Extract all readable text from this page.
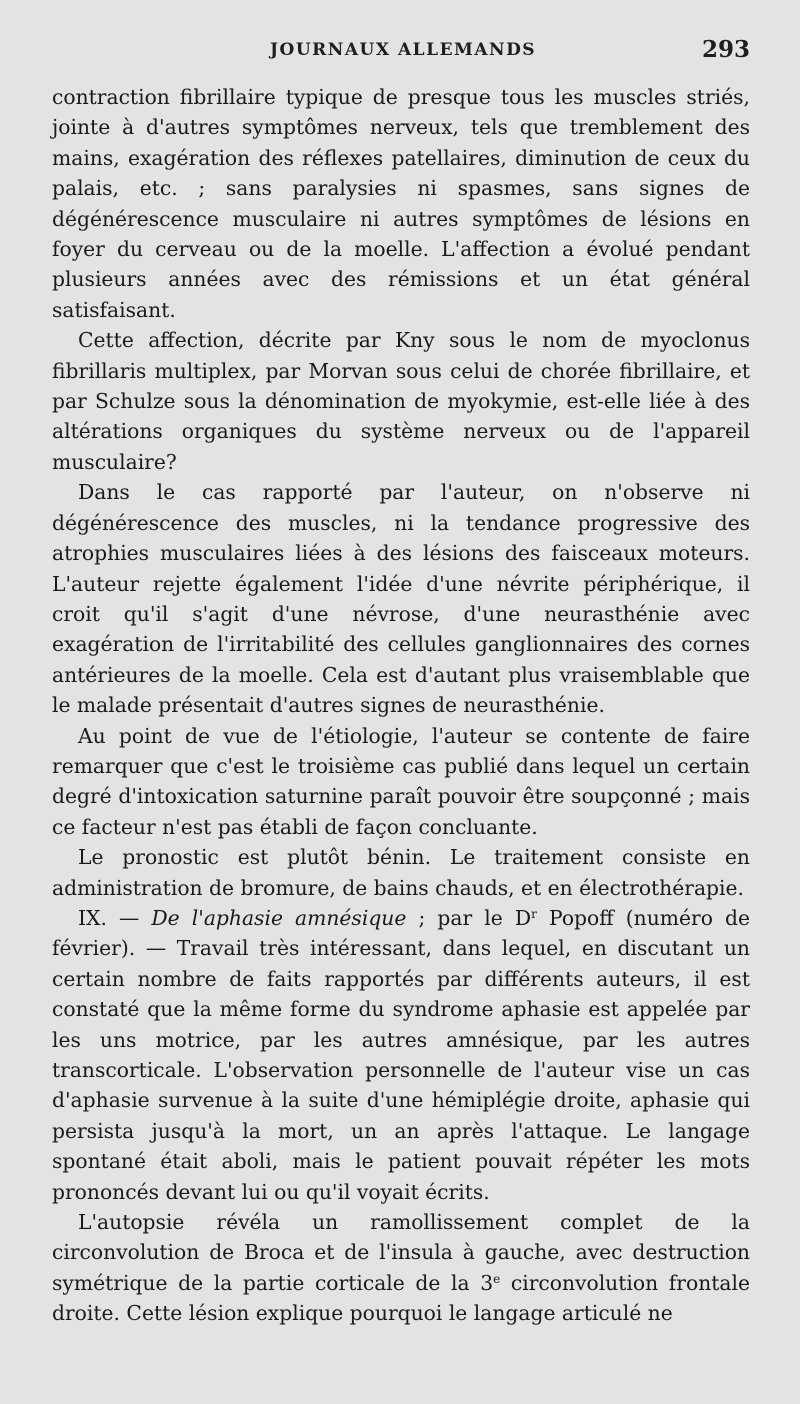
JOURNAUX ALLEMANDS	293

contraction fibrillaire typique de presque tous les muscles striés, jointe à d'autres symptômes nerveux, tels que tremblement des mains, exagération des réflexes patellaires, diminution de ceux du palais, etc. ; sans paralysies ni spasmes, sans signes de dégénérescence musculaire ni autres symptômes de lésions en foyer du cerveau ou de la moelle. L'affection a évolué pendant plusieurs années avec des rémissions et un état général satisfaisant.

Cette affection, décrite par Kny sous le nom de myoclonus fibrillaris multiplex, par Morvan sous celui de chorée fibrillaire, et par Schulze sous la dénomination de myokymie, est-elle liée à des altérations organiques du système nerveux ou de l'appareil musculaire?

Dans le cas rapporté par l'auteur, on n'observe ni dégénérescence des muscles, ni la tendance progressive des atrophies musculaires liées à des lésions des faisceaux moteurs. L'auteur rejette également l'idée d'une névrite périphérique, il croit qu'il s'agit d'une névrose, d'une neurasthénie avec exagération de l'irritabilité des cellules ganglionnaires des cornes antérieures de la moelle. Cela est d'autant plus vraisemblable que le malade présentait d'autres signes de neurasthénie.

Au point de vue de l'étiologie, l'auteur se contente de faire remarquer que c'est le troisième cas publié dans lequel un certain degré d'intoxication saturnine paraît pouvoir être soupçonné ; mais ce facteur n'est pas établi de façon concluante.

Le pronostic est plutôt bénin. Le traitement consiste en administration de bromure, de bains chauds, et en électrothérapie.

IX. — De l'aphasie amnésique ; par le $D^r$ Popoff (numéro de février). — Travail très intéressant, dans lequel, en discutant un certain nombre de faits rapportés par différents auteurs, il est constaté que la même forme du syndrome aphasie est appelée par les uns motrice, par les autres amnésique, par les autres transcorticale. L'observation personnelle de l'auteur vise un cas d'aphasie survenue à la suite d'une hémiplégie droite, aphasie qui persista jusqu'à la mort, un an après l'attaque. Le langage spontané était aboli, mais le patient pouvait répéter les mots prononcés devant lui ou qu'il voyait écrits.

L'autopsie révéla un ramollissement complet de la circonvolution de Broca et de l'insula à gauche, avec destruction symétrique de la partie corticale de la 3e circonvolution frontale droite. Cette lésion explique pourquoi le langage articulé ne
